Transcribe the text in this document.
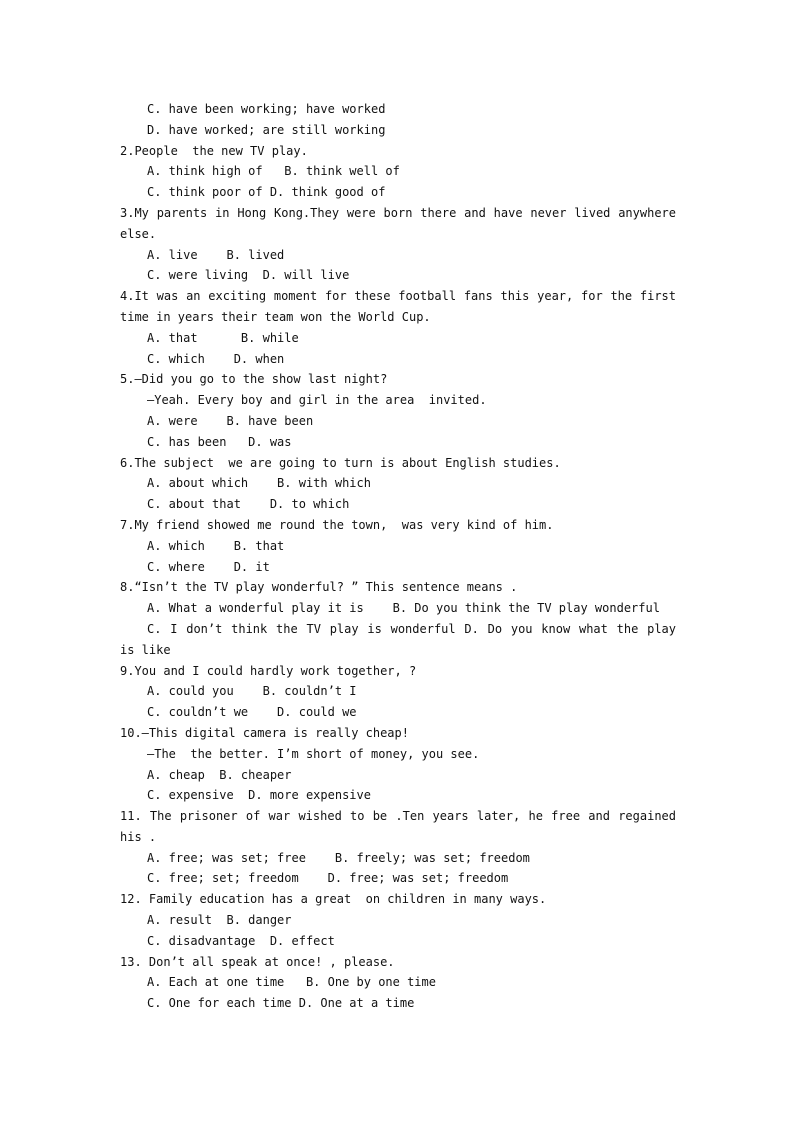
C. have been working; have worked
D. have worked; are still working
2.People  the new TV play.
A. think high of   B. think well of
C. think poor of D. think good of
3.My parents in Hong Kong.They were born there and have never lived anywhere
else.
A. live    B. lived
C. were living  D. will live
4.It was an exciting moment for these football fans this year, for the first
time in years their team won the World Cup.
A. that      B. while
C. which    D. when
5.—Did you go to the show last night?
—Yeah. Every boy and girl in the area  invited.
A. were    B. have been
C. has been   D. was
6.The subject  we are going to turn is about English studies.
A. about which    B. with which
C. about that    D. to which
7.My friend showed me round the town,  was very kind of him.
A. which    B. that
C. where    D. it
8.“Isn’t the TV play wonderful? ” This sentence means .
A. What a wonderful play it is    B. Do you think the TV play wonderful
C. I don’t think the TV play is wonderful D. Do you know what the play
is like
9.You and I could hardly work together, ?
A. could you    B. couldn’t I
C. couldn’t we    D. could we
10.—This digital camera is really cheap!
—The  the better. I’m short of money, you see.
A. cheap  B. cheaper
C. expensive  D. more expensive
11. The prisoner of war wished to be .Ten years later, he free and regained
his .
A. free; was set; free    B. freely; was set; freedom
C. free; set; freedom    D. free; was set; freedom
12. Family education has a great  on children in many ways.
A. result  B. danger
C. disadvantage  D. effect
13. Don’t all speak at once! , please.
A. Each at one time   B. One by one time
C. One for each time D. One at a time
